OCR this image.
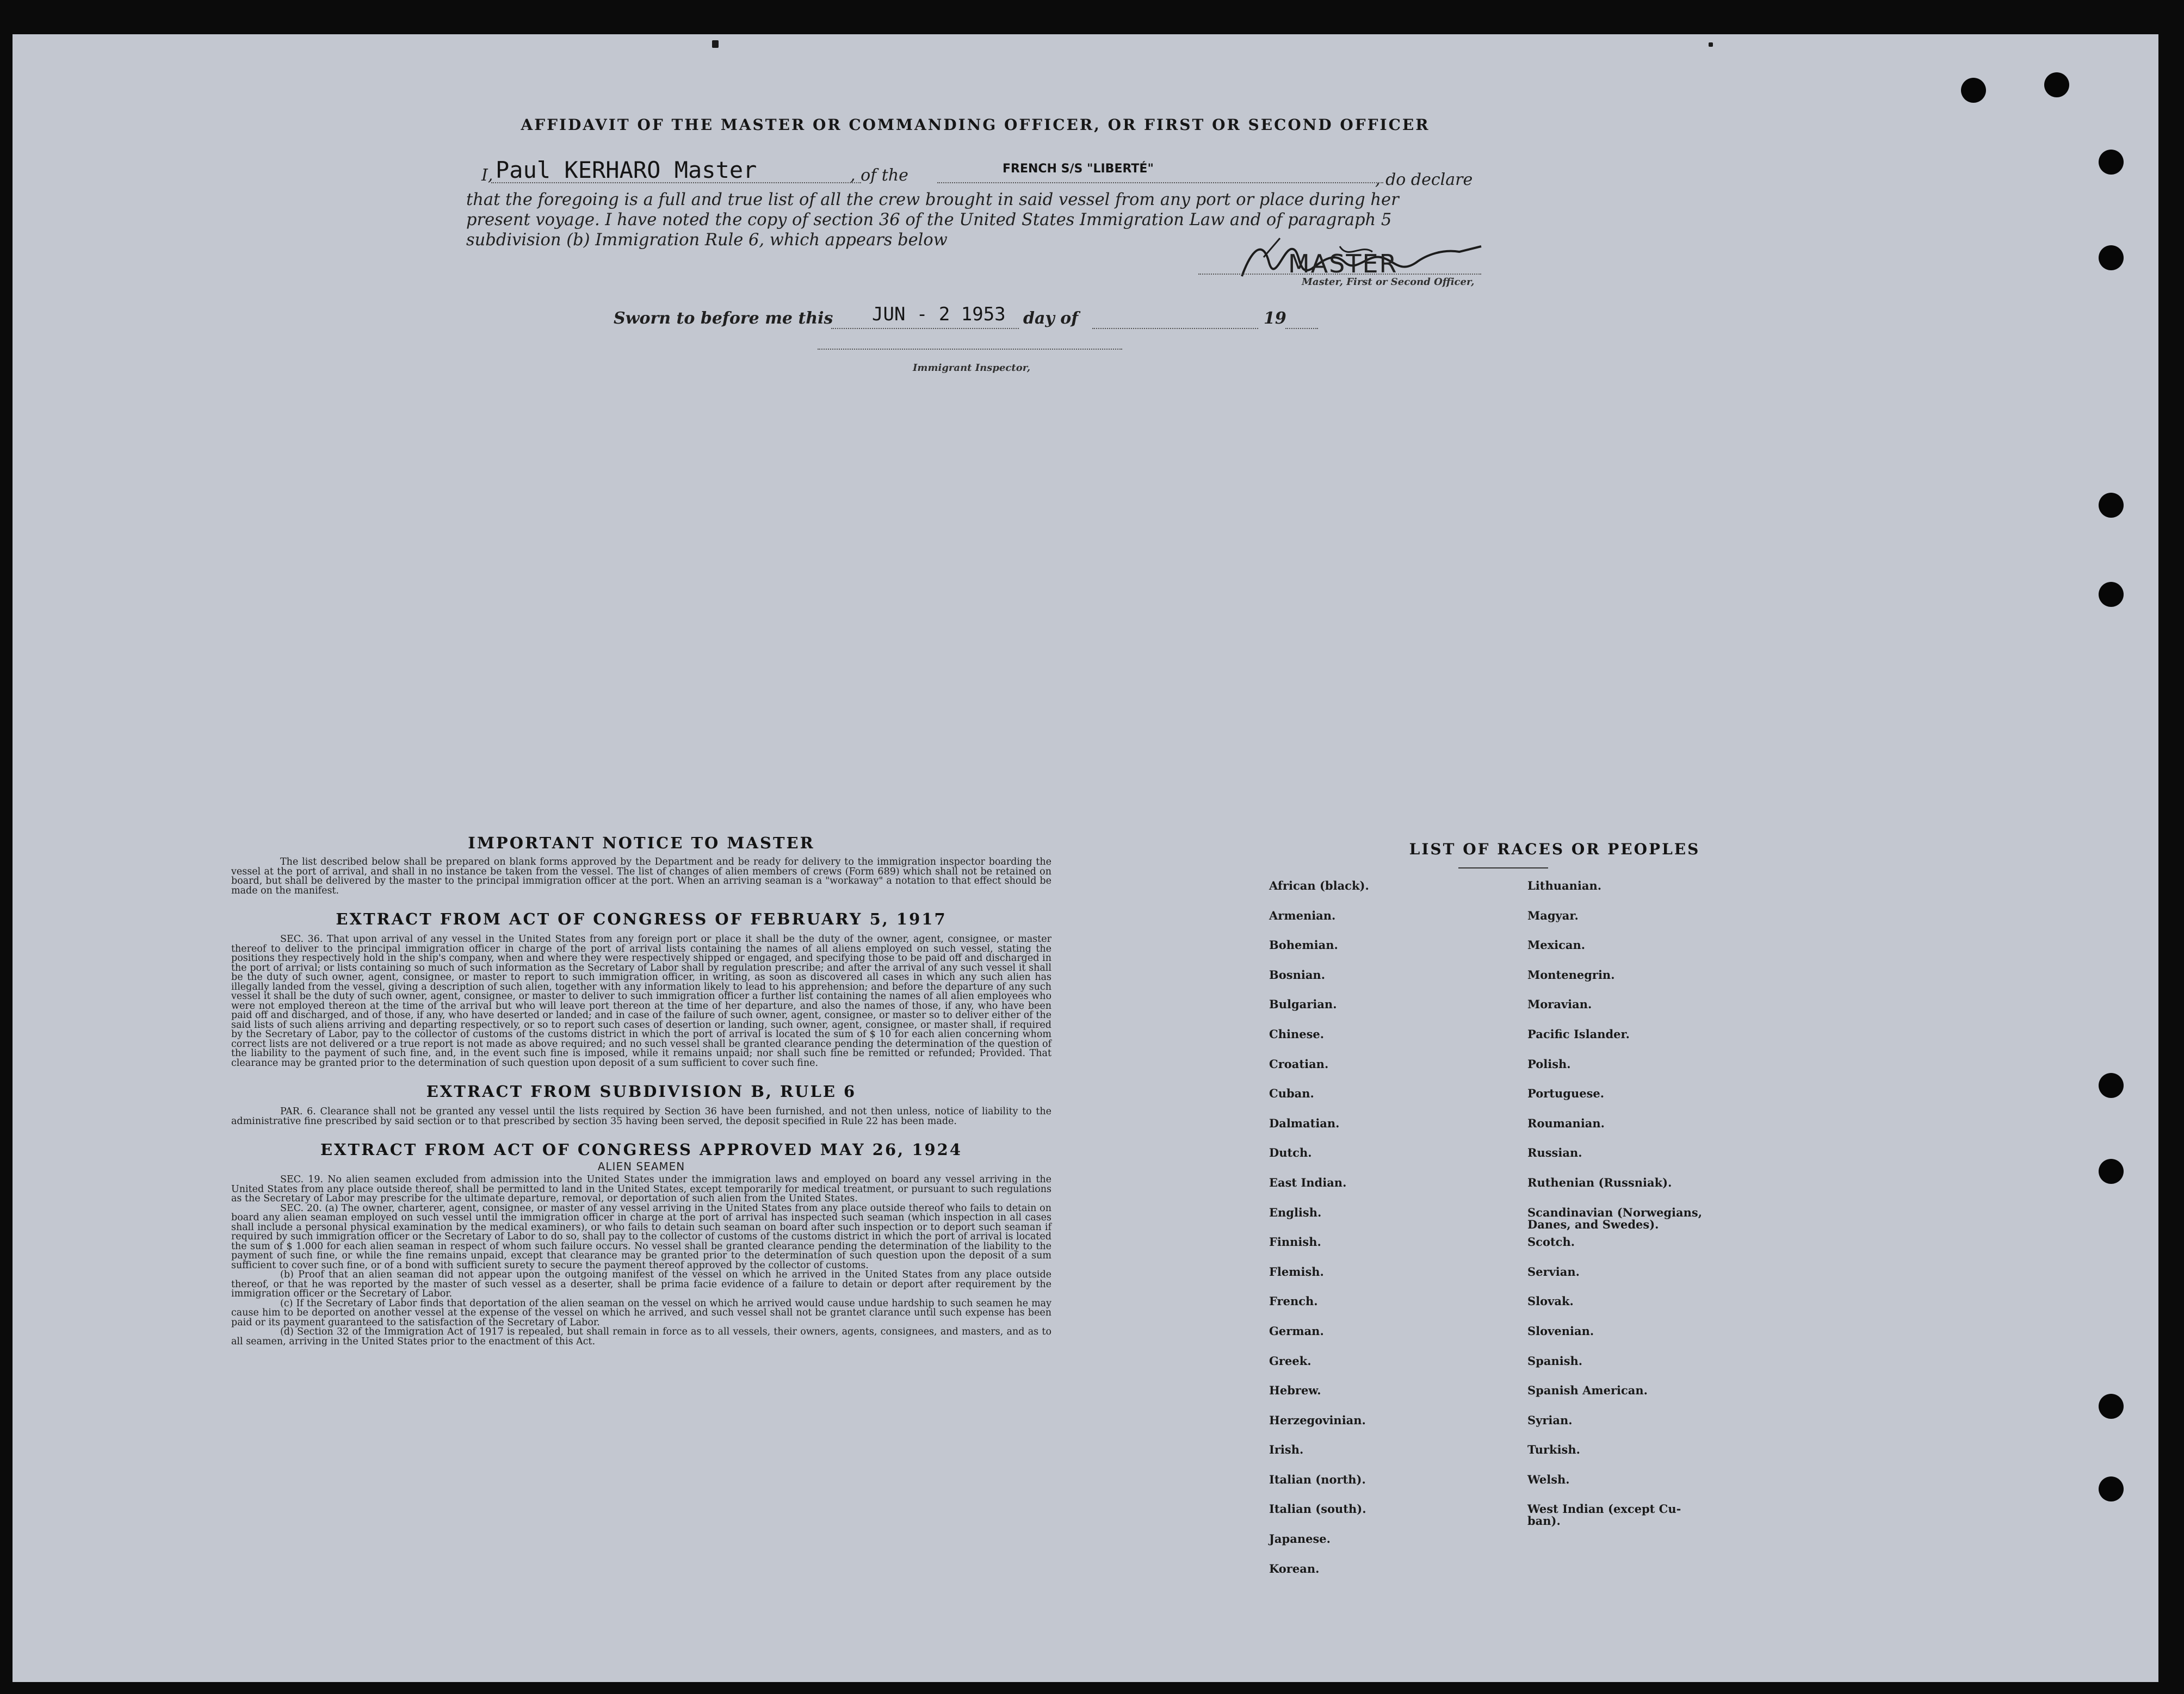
AFFIDAVIT OF THE MASTER OR COMMANDING OFFICER, OR FIRST OR SECOND OFFICER
I, Paul KERHARO Master	, of the	FRENCH S/S "LIBERTÉ"
, do declare
that the foregoing is a full and true list of all the crew brought in said vessel from any port or place during her
present voyage. I have noted the copy of section 36 of the United States Immigration Law and of paragraph 5
subdivision (b) Immigration Rule 6, which appears below
MASTER
Master, First or Second Officer,
Sworn to before me this JUN - 2 1953 day of	19
Immigrant Inspector,
IMPORTANT NOTICE TO MASTER

The list described below shall be prepared on blank forms approved by the Department and be ready for delivery to the immigration inspector boarding the vessel at the port of arrival, and shall in no instance be taken from the vessel. The list of changes of alien members of crews (Form 689) which shall not be retained on board, but shall be delivered by the master to the principal immigration officer at the port. When an arriving seaman is a "workaway" a notation to that effect should be made on the manifest.

EXTRACT FROM ACT OF CONGRESS OF FEBRUARY 5, 1917

SEC. 36. That upon arrival of any vessel in the United States from any foreign port or place it shall be the duty of the owner, agent, consignee, or master thereof to deliver to the principal immigration officer in charge of the port of arrival lists containing the names of all aliens employed on such vessel, stating the positions they respectively hold in the ship's company, when and where they were respectively shipped or engaged, and specifying those to be paid off and discharged in the port of arrival; or lists containing so much of such information as the Secretary of Labor shall by regulation prescribe; and after the arrival of any such vessel it shall be the duty of such owner, agent, consignee, or master to report to such immigration officer, in writing, as soon as discovered all cases in which any such alien has illegally landed from the vessel, giving a description of such alien, together with any information likely to lead to his apprehension; and before the departure of any such vessel it shall be the duty of such owner, agent, consignee, or master to deliver to such immigration officer a further list containing the names of all alien employees who were not employed thereon at the time of the arrival but who will leave port thereon at the time of her departure, and also the names of those, if any, who have been paid off and discharged, and of those, if any, who have deserted or landed; and in case of the failure of such owner, agent, consignee, or master so to deliver either of the said lists of such aliens arriving and departing respectively, or so to report such cases of desertion or landing, such owner, agent, consignee, or master shall, if required by the Secretary of Labor, pay to the collector of customs of the customs district in which the port of arrival is located the sum of $ 10 for each alien concerning whom correct lists are not delivered or a true report is not made as above required; and no such vessel shall be granted clearance pending the determination of the question of the liability to the payment of such fine, and, in the event such fine is imposed, while it remains unpaid; nor shall such fine be remitted or refunded; Provided. That clearance may be granted prior to the determination of such question upon deposit of a sum sufficient to cover such fine.

EXTRACT FROM SUBDIVISION B, RULE 6

PAR. 6. Clearance shall not be granted any vessel until the lists required by Section 36 have been furnished, and not then unless, notice of liability to the administrative fine prescribed by said section or to that prescribed by section 35 having been served, the deposit specified in Rule 22 has been made.

EXTRACT FROM ACT OF CONGRESS APPROVED MAY 26, 1924
ALIEN SEAMEN

SEC. 19. No alien seamen excluded from admission into the United States under the immigration laws and employed on board any vessel arriving in the United States from any place outside thereof, shall be permitted to land in the United States, except temporarily for medical treatment, or pursuant to such regulations as the Secretary of Labor may prescribe for the ultimate departure, removal, or deportation of such alien from the United States.

SEC. 20. (a) The owner, charterer, agent, consignee, or master of any vessel arriving in the United States from any place outside thereof who fails to detain on board any alien seaman employed on such vessel until the immigration officer in charge at the port of arrival has inspected such seaman (which inspection in all cases shall include a personal physical examination by the medical examiners), or who fails to detain such seaman on board after such inspection or to deport such seaman if required by such immigration officer or the Secretary of Labor to do so, shall pay to the collector of customs of the customs district in which the port of arrival is located the sum of $ 1.000 for each alien seaman in respect of whom such failure occurs. No vessel shall be granted clearance pending the determination of the liability to the payment of such fine, or while the fine remains unpaid, except that clearance may be granted prior to the determination of such question upon the deposit of a sum sufficient to cover such fine, or of a bond with sufficient surety to secure the payment thereof approved by the collector of customs.

(b) Proof that an alien seaman did not appear upon the outgoing manifest of the vessel on which he arrived in the United States from any place outside thereof, or that he was reported by the master of such vessel as a deserter, shall be prima facie evidence of a failure to detain or deport after requirement by the immigration officer or the Secretary of Labor.

(c) If the Secretary of Labor finds that deportation of the alien seaman on the vessel on which he arrived would cause undue hardship to such seamen he may cause him to be deported on another vessel at the expense of the vessel on which he arrived, and such vessel shall not be grantet clarance until such expense has been paid or its payment guaranteed to the satisfaction of the Secretary of Labor.

(d) Section 32 of the Immigration Act of 1917 is repealed, but shall remain in force as to all vessels, their owners, agents, consignees, and masters, and as to all seamen, arriving in the United States prior to the enactment of this Act.

LIST OF RACES OR PEOPLES
African (black).
Armenian.
Bohemian.
Bosnian.
Bulgarian.
Chinese.
Croatian.
Cuban.
Dalmatian.
Dutch.
East Indian.
English.
Finnish.
Flemish.
French.
German.
Greek.
Hebrew.
Herzegovinian.
Irish.
Italian (north).
Italian (south).
Japanese.
Korean.
Lithuanian.
Magyar.
Mexican.
Montenegrin.
Moravian.
Pacific Islander.
Polish.
Portuguese.
Roumanian.
Russian.
Ruthenian (Russniak).
Scandinavian (Norwegians,
Danes, and Swedes).
Scotch.
Servian.
Slovak.
Slovenian.
Spanish.
Spanish American.
Syrian.
Turkish.
Welsh.
West Indian (except Cu-
ban).
